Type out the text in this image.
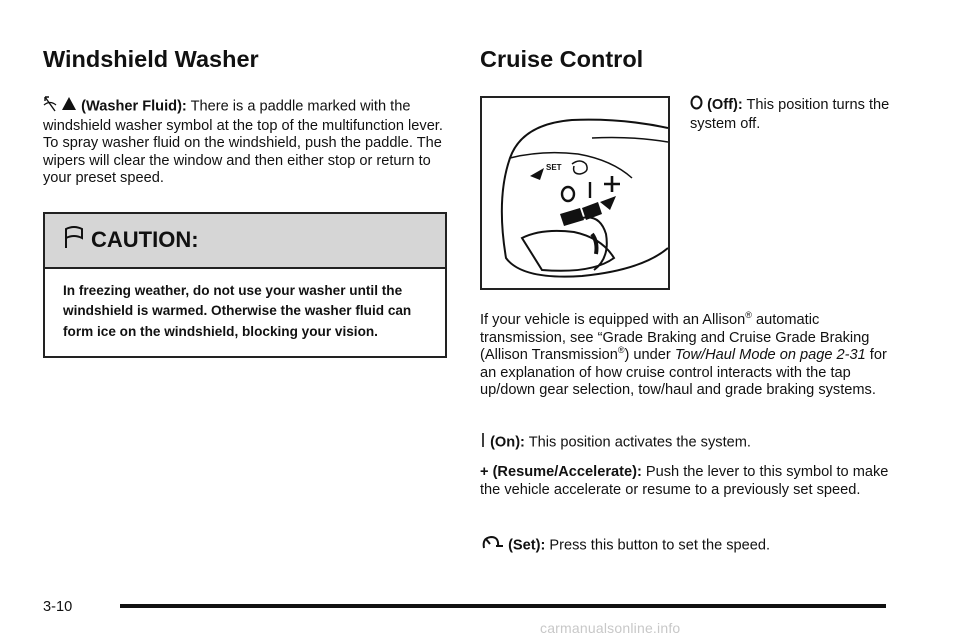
Windshield Washer

(Washer Fluid): There is a paddle marked with the windshield washer symbol at the top of the multifunction lever. To spray washer fluid on the windshield, push the paddle. The wipers will clear the window and then either stop or return to your preset speed.

CAUTION:
In freezing weather, do not use your washer until the windshield is warmed. Otherwise the washer fluid can form ice on the windshield, blocking your vision.
Cruise Control
SET

(Off): This position turns the system off.

If your vehicle is equipped with an Allison® automatic transmission, see “Grade Braking and Cruise Grade Braking (Allison Transmission®) under Tow/Haul Mode on page 2-31 for an explanation of how cruise control interacts with the tap up/down gear selection, tow/haul and grade braking systems.

(On): This position activates the system.

+ (Resume/Accelerate): Push the lever to this symbol to make the vehicle accelerate or resume to a previously set speed.

(Set): Press this button to set the speed.

3-10
carmanualsonline.info
